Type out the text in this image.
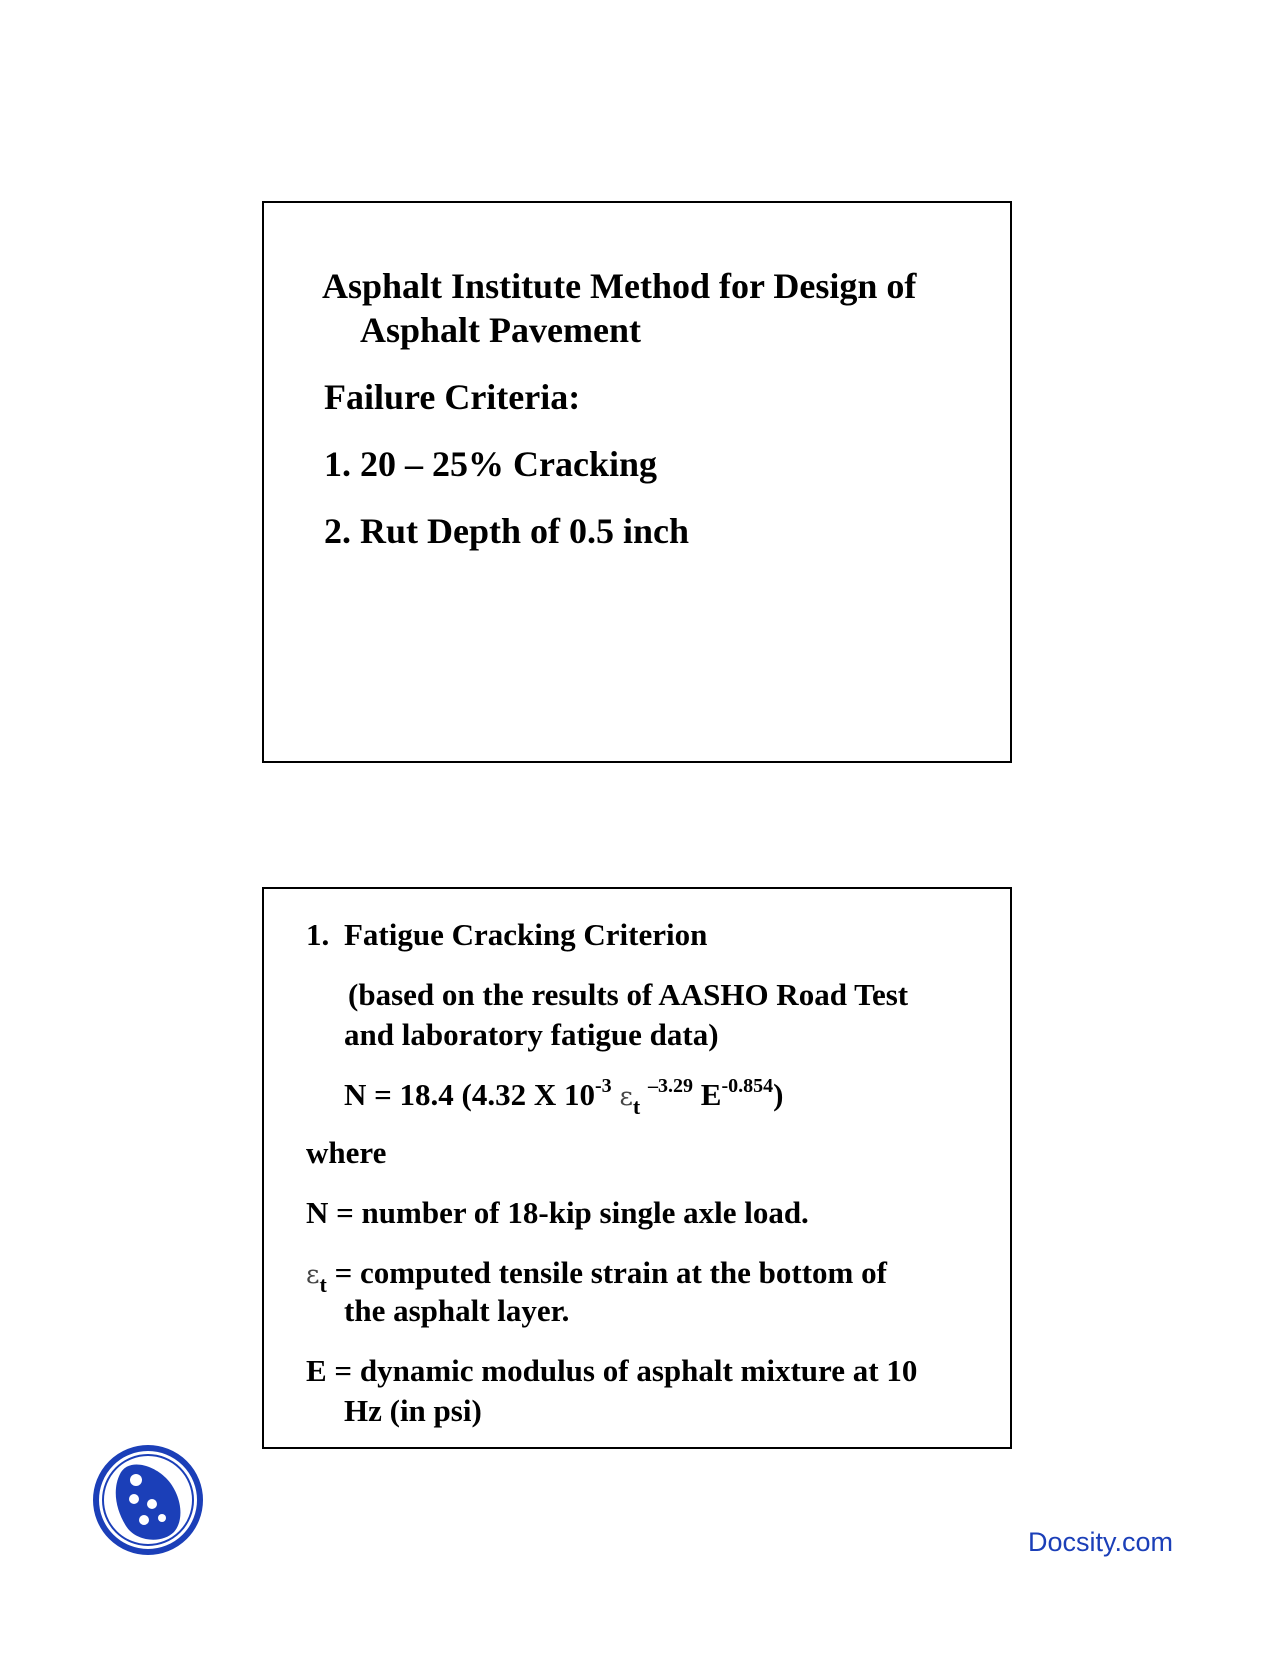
Asphalt Institute Method for Design of
Asphalt Pavement
Failure Criteria:
1. 20 – 25% Cracking
2. Rut Depth of 0.5 inch
1. Fatigue Cracking Criterion
(based on the results of AASHO Road Test
and laboratory fatigue data)
N = 18.4 (4.32 X $10^{-3}$ $\varepsilon_t$ $^{-3.29}$ $E^{-0.854}$)
where
N = number of 18-kip single axle load.
$\varepsilon_t$ = computed tensile strain at the bottom of
the asphalt layer.
E = dynamic modulus of asphalt mixture at 10
Hz (in psi)
Docsity.com
